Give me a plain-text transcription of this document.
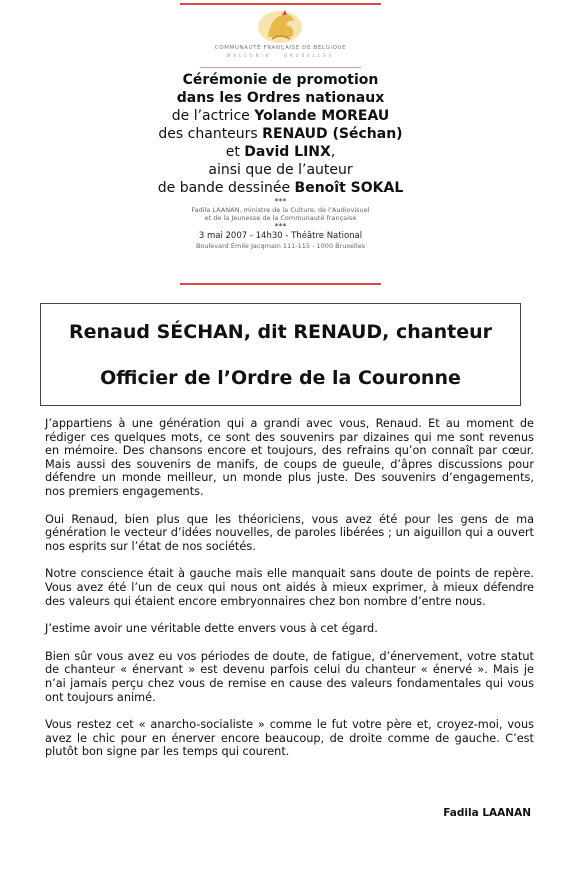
COMMUNAUTÉ FRANÇAISE DE BELGIQUE
WALLONIE · BRUXELLES
Cérémonie de promotion
dans les Ordres nationaux
de l’actrice Yolande MOREAU
des chanteurs RENAUD (Séchan)
et David LINX,
ainsi que de l’auteur
de bande dessinée Benoît SOKAL
***
Fadila LAANAN, ministre de la Culture, de l’Audiovisuel
et de la Jeunesse de la Communauté française
***
3 mai 2007 - 14h30 - Théâtre National
Boulevard Émile Jacqmain 111-115 - 1000 Bruxelles
Renaud SÉCHAN, dit RENAUD, chanteur
Officier de l’Ordre de la Couronne

J’appartiens à une génération qui a grandi avec vous, Renaud. Et au moment de rédiger ces quelques mots, ce sont des souvenirs par dizaines qui me sont revenus en mémoire. Des chansons encore et toujours, des refrains qu’on connaît par cœur. Mais aussi des souvenirs de manifs, de coups de gueule, d’âpres discussions pour défendre un monde meilleur, un monde plus juste. Des souvenirs d’engagements, nos premiers engagements.

Oui Renaud, bien plus que les théoriciens, vous avez été pour les gens de ma génération le vecteur d’idées nouvelles, de paroles libérées ; un aiguillon qui a ouvert nos esprits sur l’état de nos sociétés.

Notre conscience était à gauche mais elle manquait sans doute de points de repère. Vous avez été l’un de ceux qui nous ont aidés à mieux exprimer, à mieux défendre des valeurs qui étaient encore embryonnaires chez bon nombre d’entre nous.

J’estime avoir une véritable dette envers vous à cet égard.

Bien sûr vous avez eu vos périodes de doute, de fatigue, d’énervement, votre statut de chanteur « énervant » est devenu parfois celui du chanteur « énervé ». Mais je n’ai jamais perçu chez vous de remise en cause des valeurs fondamentales qui vous ont toujours animé.

Vous restez cet « anarcho-socialiste » comme le fut votre père et, croyez-moi, vous avez le chic pour en énerver encore beaucoup, de droite comme de gauche. C’est plutôt bon signe par les temps qui courent.

Fadila LAANAN
